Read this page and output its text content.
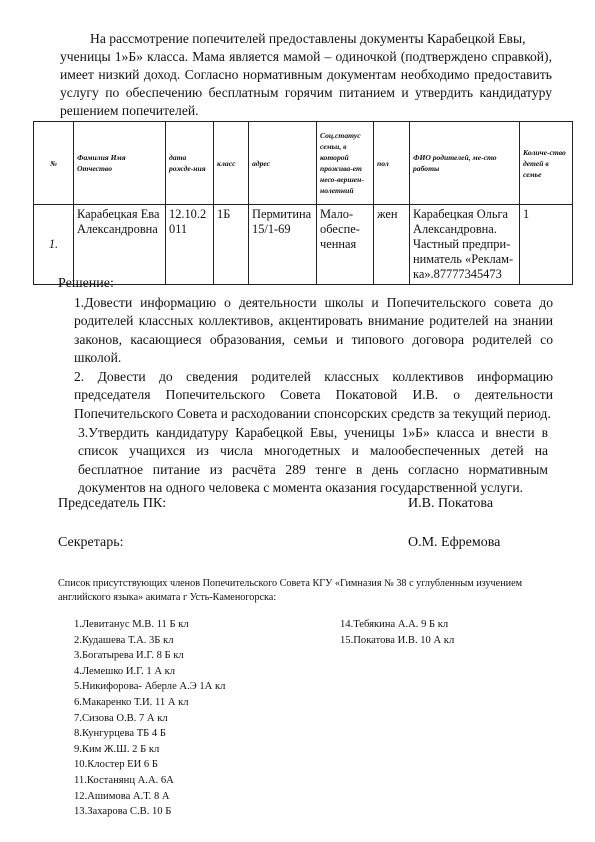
На рассмотрение попечителей предоставлены документы Карабецкой Евы,
ученицы 1»Б» класса. Мама является мамой – одиночкой (подтверждено справкой), имеет низкий доход. Согласно нормативным документам необходимо предоставить услугу по обеспечению бесплатным горячим питанием и утвердить кандидатуру решением попечителей.
№	Фамилия Имя Отчество	дата рожде-ния	класс	адрес	Соц.статус семьи, в которой прожива-ет несо-вершен-нолетний	пол	ФИО родителей, ме-сто работы	Количе-ство детей в семье
1.	Карабецкая Ева Александровна	12.10.2011	1Б	Пермитина 15/1-69	Мало-обеспе-ченная	жен	Карабецкая Ольга Александровна. Частный предпри-ниматель «Реклам-ка».87777345473	1
Решение:
1.Довести информацию о деятельности школы и Попечительского совета до родителей классных коллективов, акцентировать внимание родителей на знании законов, касающиеся образования, семьи и типового договора родителей со школой.
2. Довести до сведения родителей классных коллективов информацию председателя Попечительского Совета Покатовой И.В. о деятельности Попечительского Совета и расходовании спонсорских средств за текущий период.
3.Утвердить кандидатуру Карабецкой Евы, ученицы 1»Б» класса и внести в список учащихся из числа многодетных и малообеспеченных детей на бесплатное питание из расчёта 289 тенге в день согласно нормативным документов на одного человека с момента оказания государственной услуги.
Председатель ПК:	И.В. Покатова
Секретарь:	О.М. Ефремова
Список присутствующих членов Попечительского Совета КГУ «Гимназия № 38 с углубленным изучением английского языка» акимата г Усть-Каменогорска:
1.Левитанус М.В. 11 Б кл
2.Кудашева Т.А. 3Б кл
3.Богатырева И.Г. 8 Б кл
4.Лемешко И.Г. 1 А кл
5.Никифорова- Аберле А.Э 1А кл
6.Макаренко Т.И. 11 А кл
7.Сизова О.В. 7 А кл
8.Кунгурцева ТБ 4 Б
9.Ким Ж.Ш. 2 Б кл
10.Клостер ЕИ 6 Б
11.Костанянц А.А. 6А
12.Ашимова А.Т. 8 А
13.Захарова С.В. 10 Б
14.Тебякина А.А. 9 Б кл
15.Покатова И.В. 10 А кл
